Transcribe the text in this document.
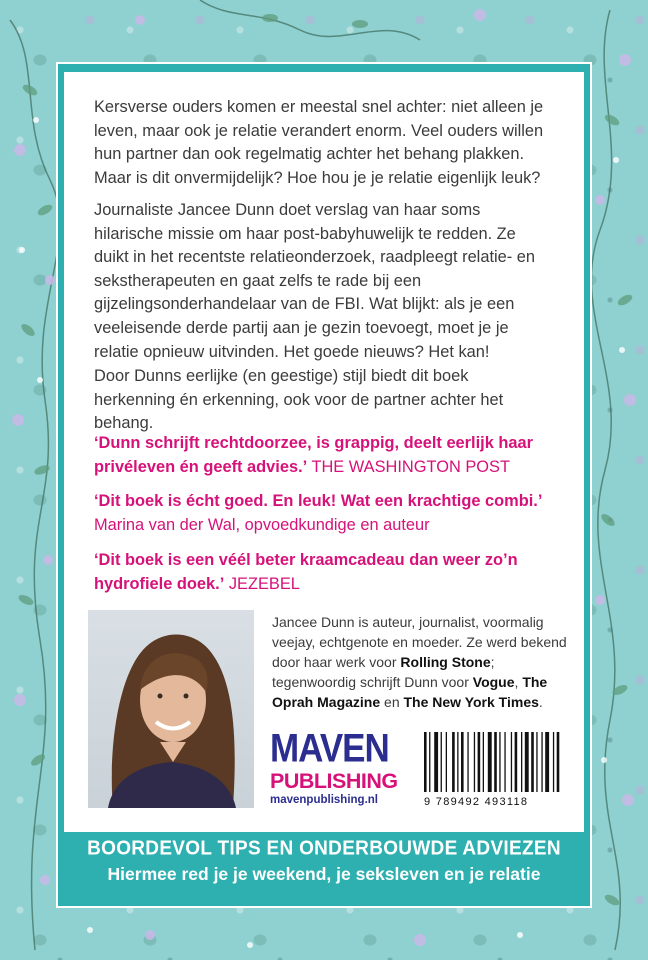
Kersverse ouders komen er meestal snel achter: niet alleen je leven, maar ook je relatie verandert enorm. Veel ouders willen hun partner dan ook regelmatig achter het behang plakken. Maar is dit onvermijdelijk? Hoe hou je je relatie eigenlijk leuk?

Journaliste Jancee Dunn doet verslag van haar soms hilarische missie om haar post-babyhuwelijk te redden. Ze duikt in het recentste relatieonderzoek, raadpleegt relatie- en sekstherapeuten en gaat zelfs te rade bij een gijzelingsonderhandelaar van de FBI. Wat blijkt: als je een veeleisende derde partij aan je gezin toevoegt, moet je je relatie opnieuw uitvinden. Het goede nieuws? Het kan!

Door Dunns eerlijke (en geestige) stijl biedt dit boek herkenning én erkenning, ook voor de partner achter het behang.

‘Dunn schrijft rechtdoorzee, is grappig, deelt eerlijk haar privéleven én geeft advies.’ THE WASHINGTON POST

‘Dit boek is écht goed. En leuk! Wat een krachtige combi.’
Marina van der Wal, opvoedkundige en auteur

‘Dit boek is een véél beter kraamcadeau dan weer zo’n hydrofiele doek.’ JEZEBEL

Jancee Dunn is auteur, journalist, voormalig veejay, echtgenote en moeder. Ze werd bekend door haar werk voor Rolling Stone; tegenwoordig schrijft Dunn voor Vogue, The Oprah Magazine en The New York Times.

MAVEN
PUBLISHING
mavenpublishing.nl	9 789492 493118
BOORDEVOL TIPS EN ONDERBOUWDE ADVIEZEN
Hiermee red je je weekend, je seksleven en je relatie
